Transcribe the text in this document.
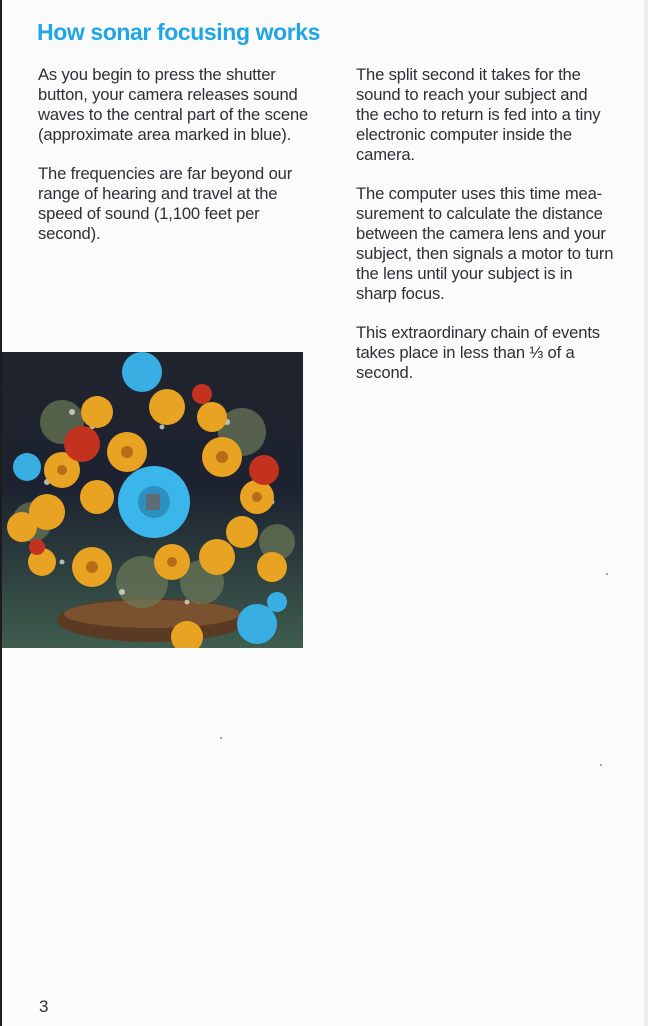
How sonar focusing works

As you begin to press the shutter
button, your camera releases sound
waves to the central part of the scene
(approximate area marked in blue).

The frequencies are far beyond our
range of hearing and travel at the
speed of sound (1,100 feet per
second).

The split second it takes for the
sound to reach your subject and
the echo to return is fed into a tiny
electronic computer inside the
camera.

The computer uses this time mea-
surement to calculate the distance
between the camera lens and your
subject, then signals a motor to turn
the lens until your subject is in
sharp focus.

This extraordinary chain of events
takes place in less than ⅓ of a
second.

3
